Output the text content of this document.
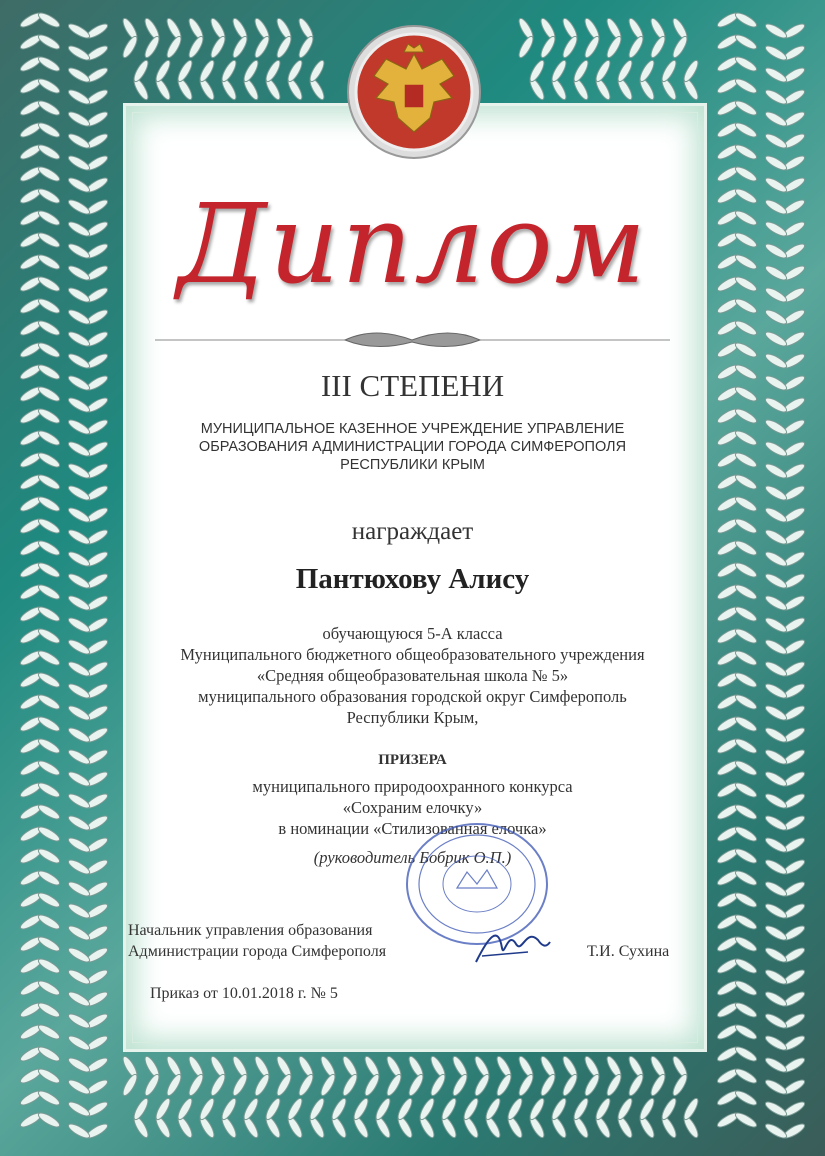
Диплом
III СТЕПЕНИ
МУНИЦИПАЛЬНОЕ КАЗЕННОЕ УЧРЕЖДЕНИЕ УПРАВЛЕНИЕ
ОБРАЗОВАНИЯ АДМИНИСТРАЦИИ ГОРОДА СИМФЕРОПОЛЯ
РЕСПУБЛИКИ КРЫМ
награждает
Пантюхову Алису
обучающуюся 5-А класса
Муниципального бюджетного общеобразовательного учреждения
«Средняя общеобразовательная школа № 5»
муниципального образования городской округ Симферополь
Республики Крым,
ПРИЗЕРА
муниципального природоохранного конкурса
«Сохраним елочку»
в номинации «Стилизованная елочка»
(руководитель Бобрик О.П.)
Начальник управления образования
Администрации города Симферополя	Т.И. Сухина
Приказ от 10.01.2018 г. № 5
